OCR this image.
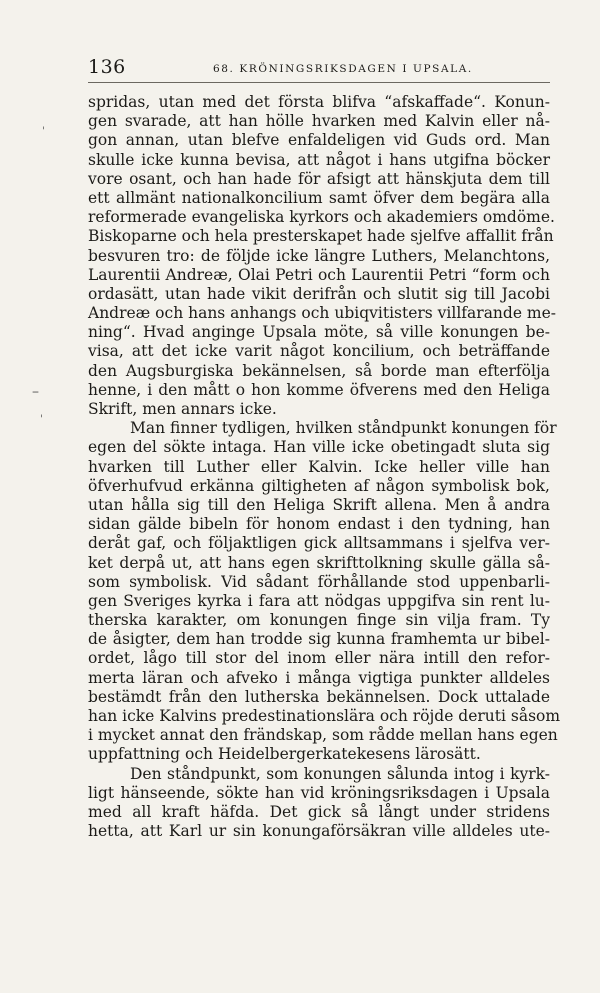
136	68. KRÖNINGSRIKSDAGEN I UPSALA.
'
–
'
spridas, utan med det första blifva “afskaffade“. Konun-
gen svarade, att han hölle hvarken med Kalvin eller nå-
gon annan, utan blefve enfaldeligen vid Guds ord. Man
skulle icke kunna bevisa, att något i hans utgifna böcker
vore osant, och han hade för afsigt att hänskjuta dem till
ett allmänt nationalkoncilium samt öfver dem begära alla
reformerade evangeliska kyrkors och akademiers omdöme.
Biskoparne och hela presterskapet hade sjelfve affallit från
besvuren tro: de följde icke längre Luthers, Melanchtons,
Laurentii Andreæ, Olai Petri och Laurentii Petri “form och
ordasätt, utan hade vikit derifrån och slutit sig till Jacobi
Andreæ och hans anhangs och ubiqvitisters villfarande me-
ning“. Hvad anginge Upsala möte, så ville konungen be-
visa, att det icke varit något koncilium, och beträffande
den Augsburgiska bekännelsen, så borde man efterfölja
henne, i den mått o hon komme öfverens med den Heliga
Skrift, men annars icke.
Man finner tydligen, hvilken ståndpunkt konungen för
egen del sökte intaga. Han ville icke obetingadt sluta sig
hvarken till Luther eller Kalvin. Icke heller ville han
öfverhufvud erkänna giltigheten af någon symbolisk bok,
utan hålla sig till den Heliga Skrift allena. Men å andra
sidan gälde bibeln för honom endast i den tydning, han
deråt gaf, och följaktligen gick alltsammans i sjelfva ver-
ket derpå ut, att hans egen skrifttolkning skulle gälla så-
som symbolisk. Vid sådant förhållande stod uppenbarli-
gen Sveriges kyrka i fara att nödgas uppgifva sin rent lu-
therska karakter, om konungen finge sin vilja fram. Ty
de åsigter, dem han trodde sig kunna framhemta ur bibel-
ordet, lågo till stor del inom eller nära intill den refor-
merta läran och afveko i många vigtiga punkter alldeles
bestämdt från den lutherska bekännelsen. Dock uttalade
han icke Kalvins predestinationslära och röjde deruti såsom
i mycket annat den frändskap, som rådde mellan hans egen
uppfattning och Heidelbergerkatekesens lärosätt.
Den ståndpunkt, som konungen sålunda intog i kyrk-
ligt hänseende, sökte han vid kröningsriksdagen i Upsala
med all kraft häfda. Det gick så långt under stridens
hetta, att Karl ur sin konungaförsäkran ville alldeles ute-
